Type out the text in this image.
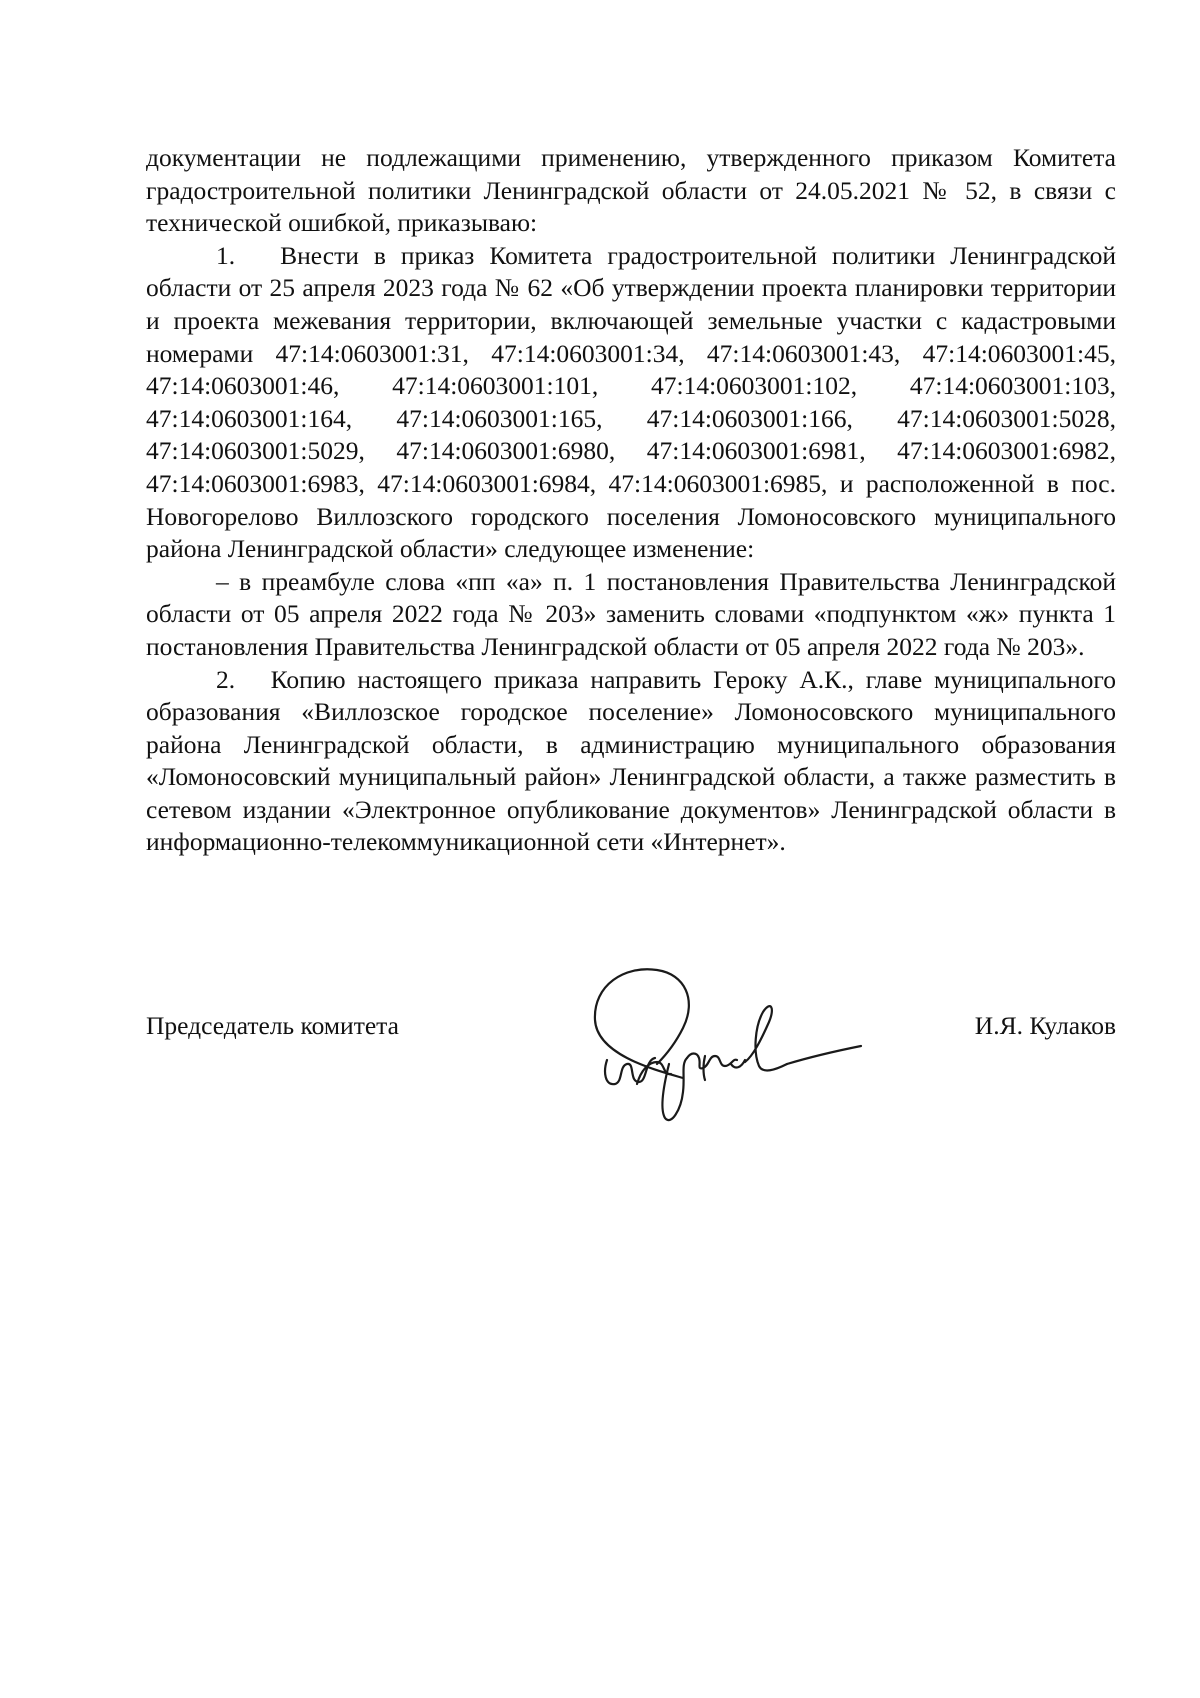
документации не подлежащими применению, утвержденного приказом Комитета градостроительной политики Ленинградской области от 24.05.2021 № 52, в связи с технической ошибкой, приказываю:

1.   Внести в приказ Комитета градостроительной политики Ленинградской области от 25 апреля 2023 года № 62 «Об утверждении проекта планировки территории и проекта межевания территории, включающей земельные участки с кадастровыми номерами 47:14:0603001:31, 47:14:0603001:34, 47:14:0603001:43, 47:14:0603001:45, 47:14:0603001:46, 47:14:0603001:101, 47:14:0603001:102, 47:14:0603001:103, 47:14:0603001:164, 47:14:0603001:165, 47:14:0603001:166, 47:14:0603001:5028, 47:14:0603001:5029, 47:14:0603001:6980, 47:14:0603001:6981, 47:14:0603001:6982, 47:14:0603001:6983, 47:14:0603001:6984, 47:14:0603001:6985, и расположенной в пос. Новогорелово Виллозского городского поселения Ломоносовского муниципального района Ленинградской области» следующее изменение:

– в преамбуле слова «пп «а» п. 1 постановления Правительства Ленинградской области от 05 апреля 2022 года № 203» заменить словами «подпунктом «ж» пункта 1 постановления Правительства Ленинградской области от 05 апреля 2022 года № 203».

2.   Копию настоящего приказа направить Героку А.К., главе муниципального образования «Виллозское городское поселение» Ломоносовского муниципального района Ленинградской области, в администрацию муниципального образования «Ломоносовский муниципальный район» Ленинградской области, а также разместить в сетевом издании «Электронное опубликование документов» Ленинградской области в информационно-телекоммуникационной сети «Интернет».

Председатель комитета	И.Я. Кулаков
